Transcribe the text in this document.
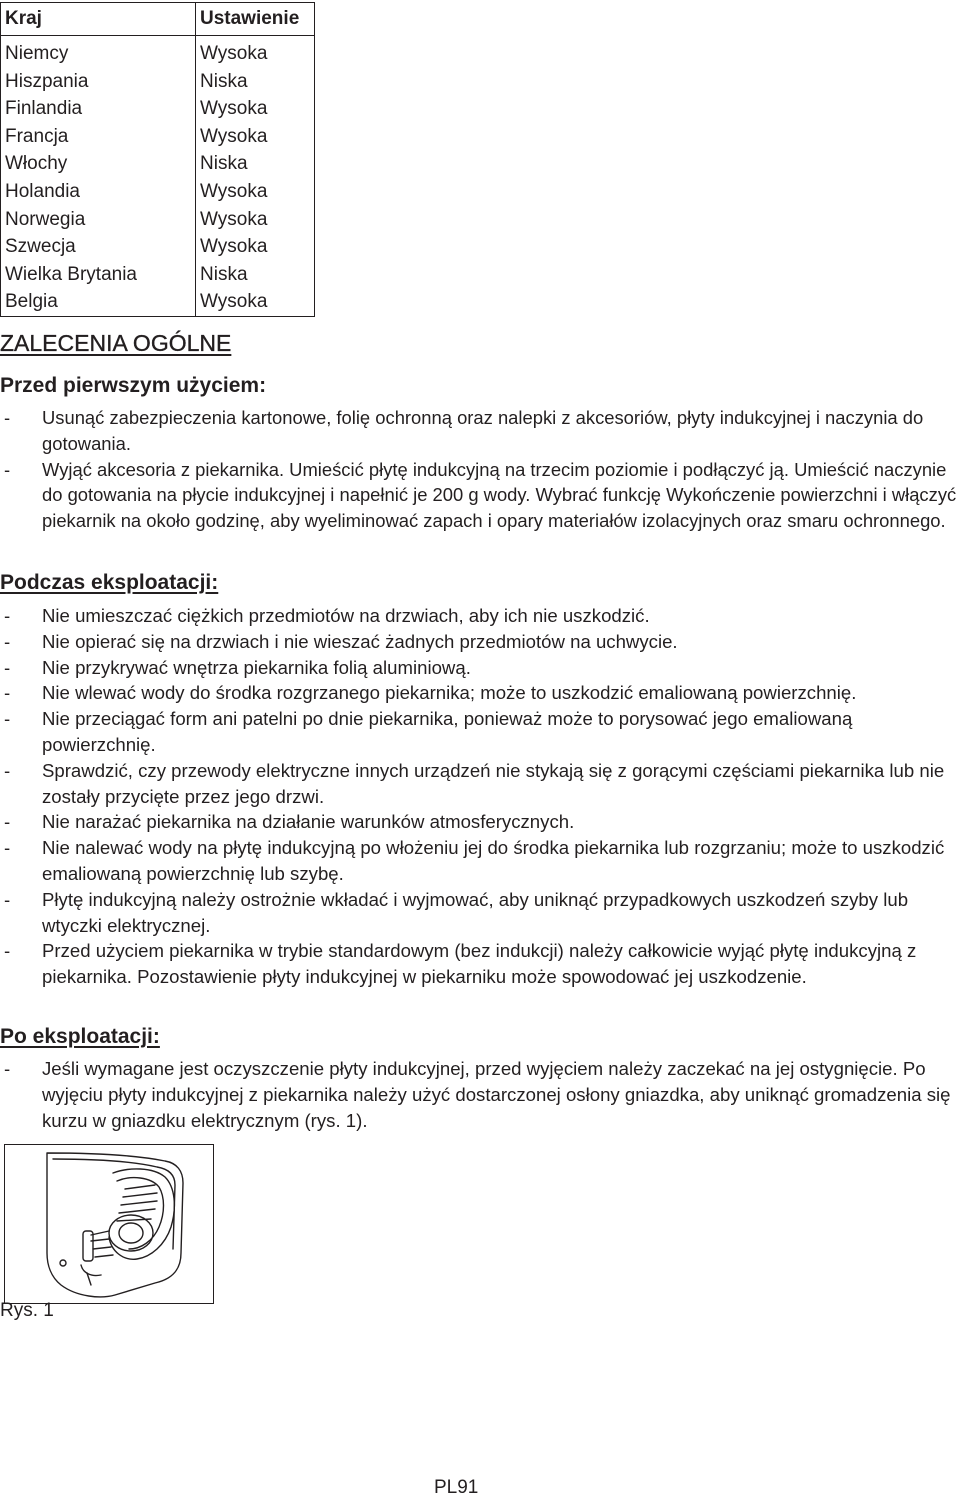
Kraj	Ustawienie
Niemcy	Wysoka
Hiszpania	Niska
Finlandia	Wysoka
Francja	Wysoka
Włochy	Niska
Holandia	Wysoka
Norwegia	Wysoka
Szwecja	Wysoka
Wielka Brytania	Niska
Belgia	Wysoka
ZALECENIA OGÓLNE
Przed pierwszym użyciem:
- Usunąć zabezpieczenia kartonowe, folię ochronną oraz nalepki z akcesoriów, płyty indukcyjnej i naczynia do gotowania.
- Wyjąć akcesoria z piekarnika. Umieścić płytę indukcyjną na trzecim poziomie i podłączyć ją. Umieścić naczynie do gotowania na płycie indukcyjnej i napełnić je 200 g wody. Wybrać funkcję Wykończenie powierzchni i włączyć piekarnik na około godzinę, aby wyeliminować zapach i opary materiałów izolacyjnych oraz smaru ochronnego.
Podczas eksploatacji:
- Nie umieszczać ciężkich przedmiotów na drzwiach, aby ich nie uszkodzić.
- Nie opierać się na drzwiach i nie wieszać żadnych przedmiotów na uchwycie.
- Nie przykrywać wnętrza piekarnika folią aluminiową.
- Nie wlewać wody do środka rozgrzanego piekarnika; może to uszkodzić emaliowaną powierzchnię.
- Nie przeciągać form ani patelni po dnie piekarnika, ponieważ może to porysować jego emaliowaną powierzchnię.
- Sprawdzić, czy przewody elektryczne innych urządzeń nie stykają się z gorącymi częściami piekarnika lub nie zostały przycięte przez jego drzwi.
- Nie narażać piekarnika na działanie warunków atmosferycznych.
- Nie nalewać wody na płytę indukcyjną po włożeniu jej do środka piekarnika lub rozgrzaniu; może to uszkodzić emaliowaną powierzchnię lub szybę.
- Płytę indukcyjną należy ostrożnie wkładać i wyjmować, aby uniknąć przypadkowych uszkodzeń szyby lub wtyczki elektrycznej.
- Przed użyciem piekarnika w trybie standardowym (bez indukcji) należy całkowicie wyjąć płytę indukcyjną z piekarnika. Pozostawienie płyty indukcyjnej w piekarniku może spowodować jej uszkodzenie.
Po eksploatacji:
- Jeśli wymagane jest oczyszczenie płyty indukcyjnej, przed wyjęciem należy zaczekać na jej ostygnięcie. Po wyjęciu płyty indukcyjnej z piekarnika należy użyć dostarczonej osłony gniazdka, aby uniknąć gromadzenia się kurzu w gniazdku elektrycznym (rys. 1).
Rys. 1
PL91
